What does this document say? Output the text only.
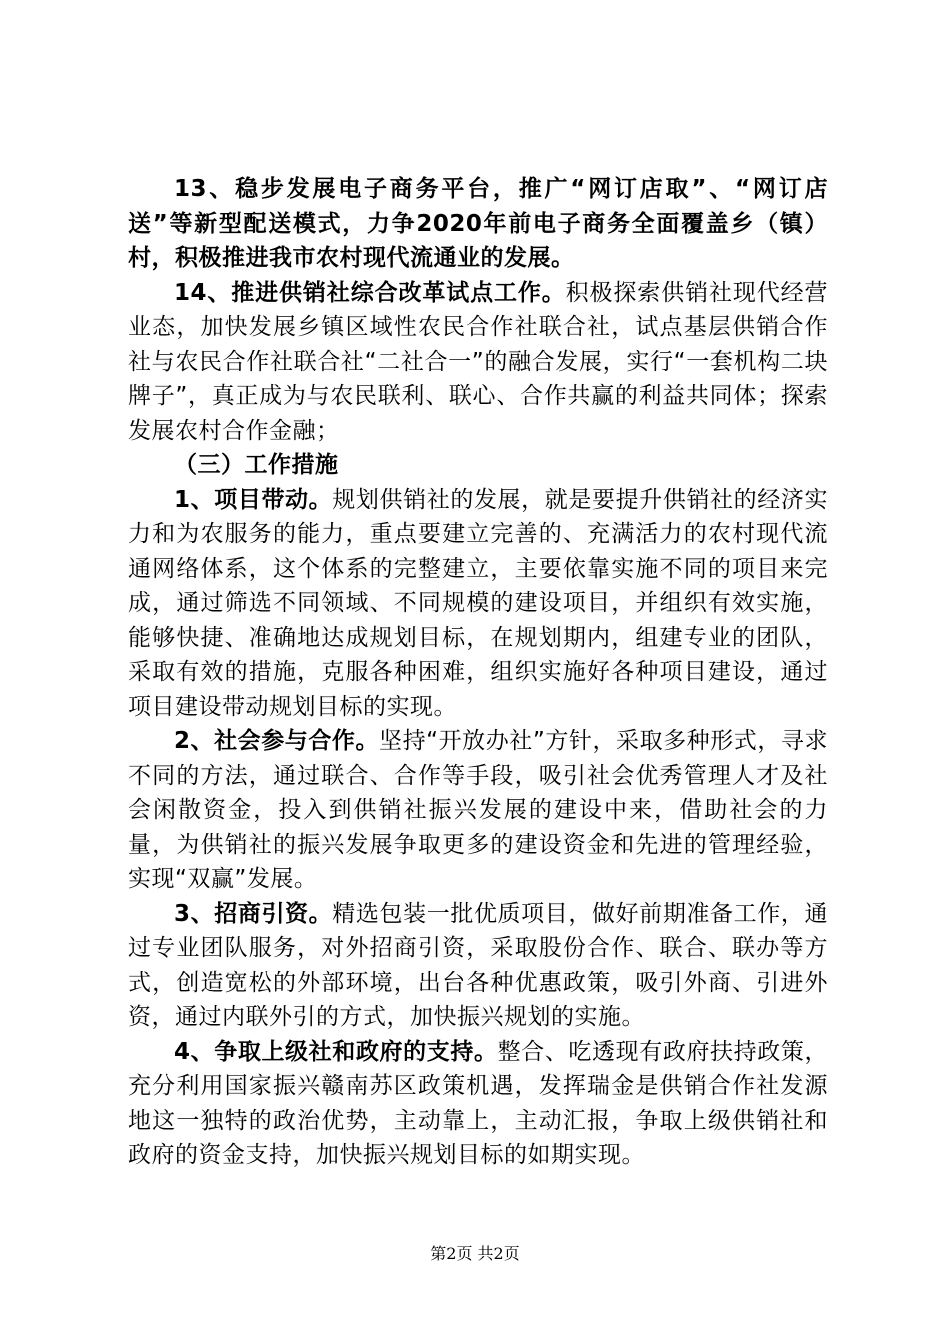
13、稳步发展电子商务平台，推广“网订店取”、“网订店送”等新型配送模式，力争2020年前电子商务全面覆盖乡（镇）村，积极推进我市农村现代流通业的发展。

14、推进供销社综合改革试点工作。积极探索供销社现代经营业态，加快发展乡镇区域性农民合作社联合社，试点基层供销合作社与农民合作社联合社“二社合一”的融合发展，实行“一套机构二块牌子”，真正成为与农民联利、联心、合作共赢的利益共同体；探索发展农村合作金融；

（三）工作措施

1、项目带动。规划供销社的发展，就是要提升供销社的经济实力和为农服务的能力，重点要建立完善的、充满活力的农村现代流通网络体系，这个体系的完整建立，主要依靠实施不同的项目来完成，通过筛选不同领域、不同规模的建设项目，并组织有效实施，能够快捷、准确地达成规划目标，在规划期内，组建专业的团队，采取有效的措施，克服各种困难，组织实施好各种项目建设，通过项目建设带动规划目标的实现。

2、社会参与合作。坚持“开放办社”方针，采取多种形式，寻求不同的方法，通过联合、合作等手段，吸引社会优秀管理人才及社会闲散资金，投入到供销社振兴发展的建设中来，借助社会的力量，为供销社的振兴发展争取更多的建设资金和先进的管理经验，实现“双赢”发展。

3、招商引资。精选包装一批优质项目，做好前期准备工作，通过专业团队服务，对外招商引资，采取股份合作、联合、联办等方式，创造宽松的外部环境，出台各种优惠政策，吸引外商、引进外资，通过内联外引的方式，加快振兴规划的实施。

4、争取上级社和政府的支持。整合、吃透现有政府扶持政策，充分利用国家振兴赣南苏区政策机遇，发挥瑞金是供销合作社发源地这一独特的政治优势，主动靠上，主动汇报，争取上级供销社和政府的资金支持，加快振兴规划目标的如期实现。

第2页 共2页
